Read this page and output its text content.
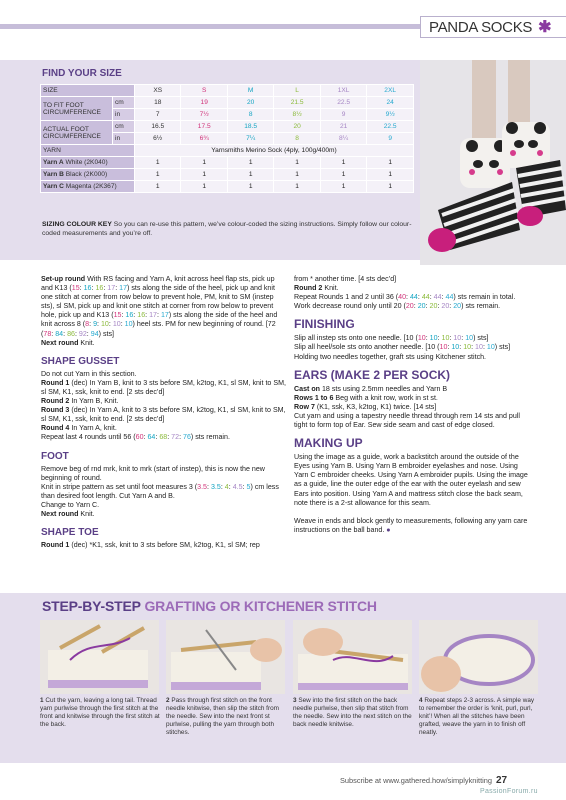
PANDA SOCKS ✱
FIND YOUR SIZE
SIZE		XS	S	M	L	1XL	2XL
TO FIT FOOT CIRCUMFERENCE	cm	18	19	20	21.5	22.5	24
	in	7	7½	8	8½	9	9½
ACTUAL FOOT CIRCUMFERENCE	cm	16.5	17.5	18.5	20	21	22.5
	in	6½	6¾	7¼	8	8¼	9
YARN		Yarnsmiths Merino Sock (4ply, 100g/400m)					
Yarn A White (2K040)		1	1	1	1	1	1
Yarn B Black (2K000)		1	1	1	1	1	1
Yarn C Magenta (2K367)		1	1	1	1	1	1
SIZING COLOUR KEY So you can re-use this pattern, we’ve colour-coded the sizing instructions. Simply follow our colour-coded measurements and you’re off.

Set-up round With RS facing and Yarn A, knit across heel flap sts, pick up and K13 (15: 16: 16: 17: 17) sts along the side of the heel, pick up and knit one stitch at corner from row below to prevent hole, PM, knit to SM (instep sts), sl SM, pick up and knit one stitch at corner from row below to prevent hole, pick up and K13 (15: 16: 16: 17: 17) sts along the side of the heel and knit across 8 (8: 9: 10: 10: 10) heel sts. PM for new beginning of round. [72 (78: 84: 86: 92: 94) sts]
Next round Knit.

SHAPE GUSSET

Do not cut Yarn in this section.
Round 1 (dec) In Yarn B, knit to 3 sts before SM, k2tog, K1, sl SM, knit to SM, sl SM, K1, ssk, knit to end. [2 sts dec’d]
Round 2 In Yarn B, Knit.
Round 3 (dec) In Yarn A, knit to 3 sts before SM, k2tog, K1, sl SM, knit to SM, sl SM, K1, ssk, knit to end. [2 sts dec’d]
Round 4 In Yarn A, knit.
Repeat last 4 rounds until 56 (60: 64: 68: 72: 76) sts remain.

FOOT

Remove beg of rnd mrk, knit to mrk (start of instep), this is now the new beginning of round.
Knit in stripe pattern as set until foot measures 3 (3.5: 3.5: 4: 4.5: 5) cm less than desired foot length. Cut Yarn A and B.
Change to Yarn C.
Next round Knit.

SHAPE TOE

Round 1 (dec) *K1, ssk, knit to 3 sts before SM, k2tog, K1, sl SM; rep

from * another time. [4 sts dec’d]
Round 2 Knit.
Repeat Rounds 1 and 2 until 36 (40: 44: 44: 44: 44) sts remain in total.
Work decrease round only until 20 (20: 20: 20: 20: 20) sts remain.

FINISHING

Slip all instep sts onto one needle. [10 (10: 10: 10: 10: 10) sts]
Slip all heel/sole sts onto another needle. [10 (10: 10: 10: 10: 10) sts]
Holding two needles together, graft sts using Kitchener stitch.

EARS (MAKE 2 PER SOCK)

Cast on 18 sts using 2.5mm needles and Yarn B
Rows 1 to 6 Beg with a knit row, work in st st.
Row 7 (K1, ssk, K3, k2tog, K1) twice. [14 sts]
Cut yarn and using a tapestry needle thread through rem 14 sts and pull tight to form top of Ear. Sew side seam and cast of edge closed.

MAKING UP

Using the image as a guide, work a backstitch around the outside of the Eyes using Yarn B. Using Yarn B embroider eyelashes and nose. Using Yarn C embroider cheeks. Using Yarn A embroider pupils. Using the image as a guide, line the outer edge of the ear with the outer eyelash and sew Ears into position. Using Yarn A and mattress stitch close the back seam, note there is a 2-st allowance for this seam.

Weave in ends and block gently to measurements, following any yarn care instructions on the ball band. ●

STEP-BY-STEP GRAFTING OR KITCHENER STITCH
1 Cut the yarn, leaving a long tail. Thread yarn purlwise through the first stitch at the front and knitwise through the first stitch at the back.
2 Pass through first stitch on the front needle knitwise, then slip the stitch from the needle. Sew into the next front st purlwise, pulling the yarn through both stitches.
3 Sew into the first stitch on the back needle purlwise, then slip that stitch from the needle. Sew into the next stitch on the back needle knitwise.
4 Repeat steps 2-3 across. A simple way to remember the order is ‘knit, purl, purl, knit’! When all the stitches have been grafted, weave the yarn in to finish off neatly.
Subscribe at www.gathered.how/simplyknitting 27
PassionForum.ru
